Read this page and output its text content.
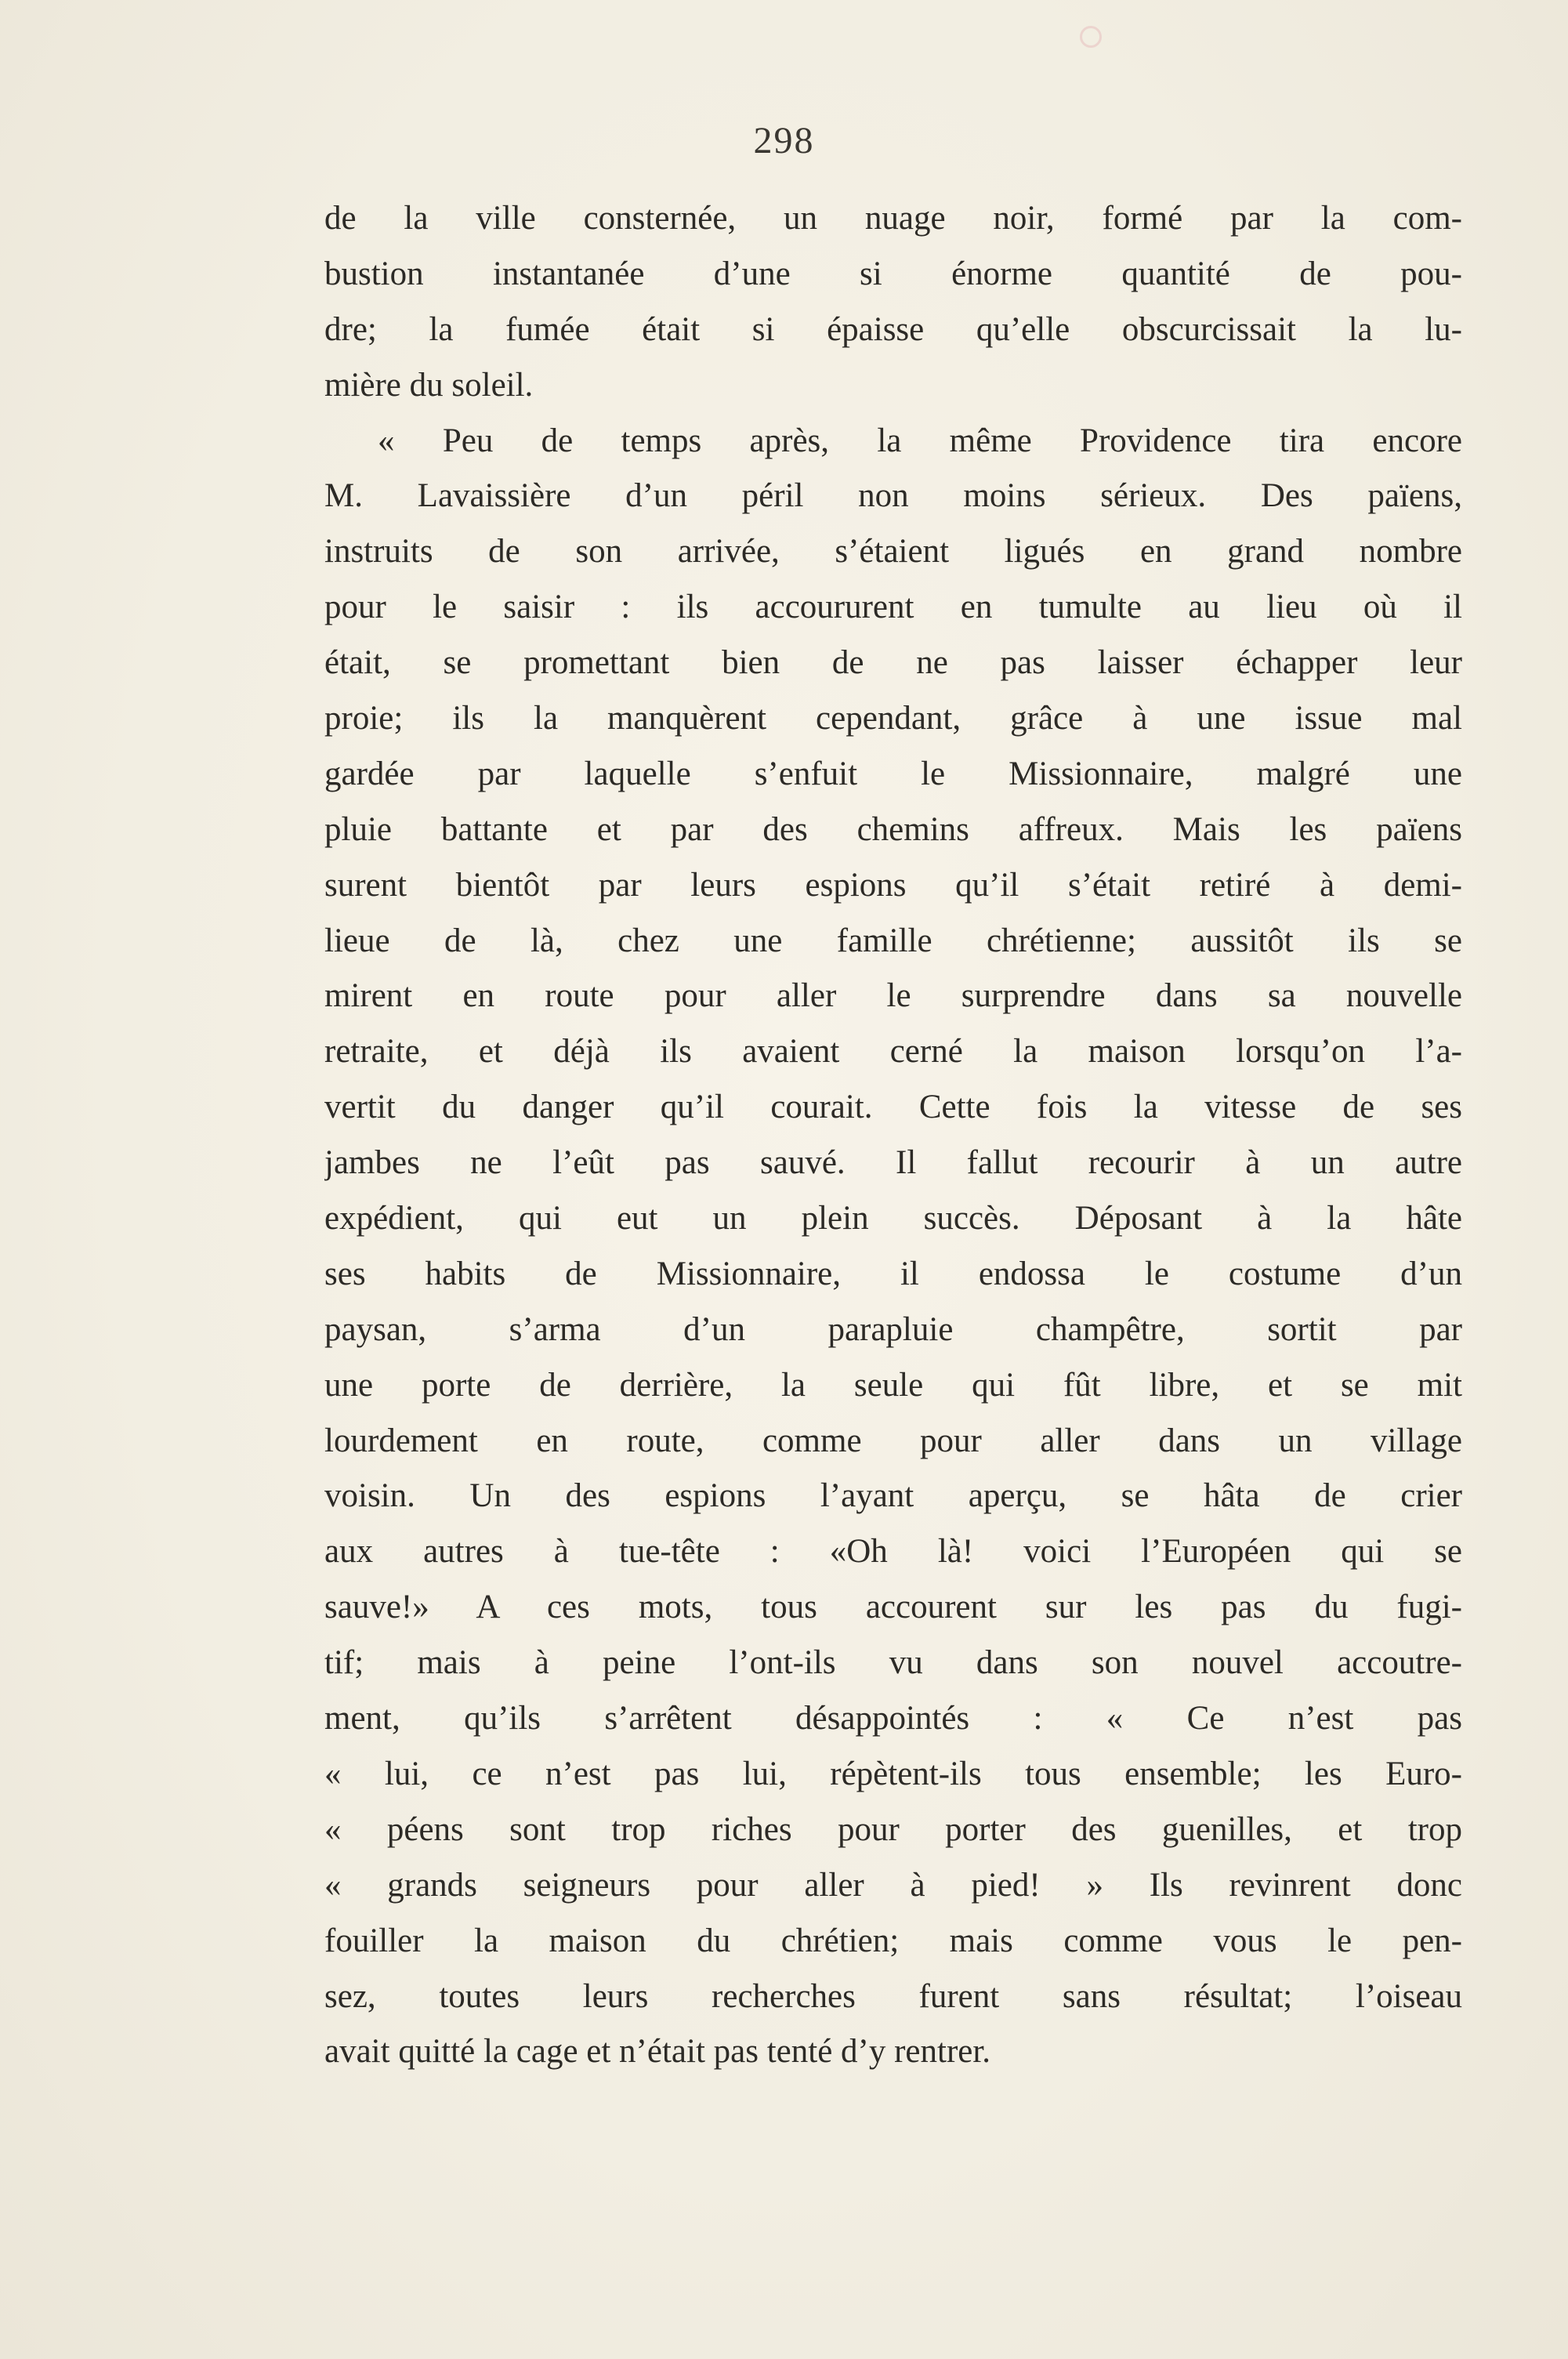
298
de la ville consternée, un nuage noir, formé par la com-
bustion instantanée d’une si énorme quantité de pou-
dre; la fumée était si épaisse qu’elle obscurcissait la lu-
mière du soleil.
« Peu de temps après, la même Providence tira encore
M. Lavaissière d’un péril non moins sérieux. Des païens,
instruits de son arrivée, s’étaient ligués en grand nombre
pour le saisir : ils accoururent en tumulte au lieu où il
était, se promettant bien de ne pas laisser échapper leur
proie; ils la manquèrent cependant, grâce à une issue mal
gardée par laquelle s’enfuit le Missionnaire, malgré une
pluie battante et par des chemins affreux. Mais les païens
surent bientôt par leurs espions qu’il s’était retiré à demi-
lieue de là, chez une famille chrétienne; aussitôt ils se
mirent en route pour aller le surprendre dans sa nouvelle
retraite, et déjà ils avaient cerné la maison lorsqu’on l’a-
vertit du danger qu’il courait. Cette fois la vitesse de ses
jambes ne l’eût pas sauvé. Il fallut recourir à un autre
expédient, qui eut un plein succès. Déposant à la hâte
ses habits de Missionnaire, il endossa le costume d’un
paysan, s’arma d’un parapluie champêtre, sortit par
une porte de derrière, la seule qui fût libre, et se mit
lourdement en route, comme pour aller dans un village
voisin. Un des espions l’ayant aperçu, se hâta de crier
aux autres à tue-tête : «Oh là! voici l’Européen qui se
sauve!» A ces mots, tous accourent sur les pas du fugi-
tif; mais à peine l’ont-ils vu dans son nouvel accoutre-
ment, qu’ils s’arrêtent désappointés : « Ce n’est pas
« lui, ce n’est pas lui, répètent-ils tous ensemble; les Euro-
« péens sont trop riches pour porter des guenilles, et trop
« grands seigneurs pour aller à pied! » Ils revinrent donc
fouiller la maison du chrétien; mais comme vous le pen-
sez, toutes leurs recherches furent sans résultat; l’oiseau
avait quitté la cage et n’était pas tenté d’y rentrer.
